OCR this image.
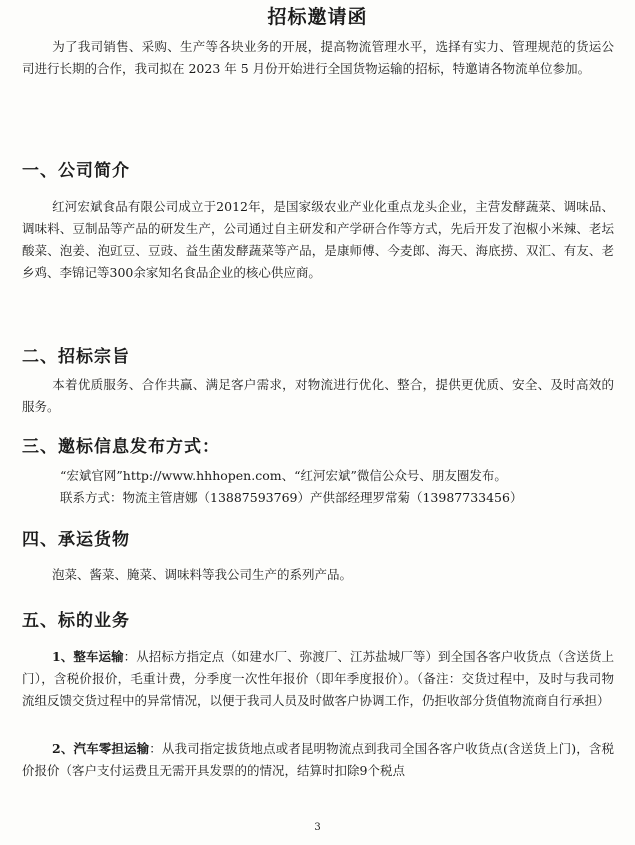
招标邀请函
为了我司销售、采购、生产等各块业务的开展，提高物流管理水平，选择有实力、管理规范的货运公司进行长期的合作，我司拟在 2023 年 5 月份开始进行全国货物运输的招标，特邀请各物流单位参加。
一、公司简介
红河宏斌食品有限公司成立于2012年，是国家级农业产业化重点龙头企业，主营发酵蔬菜、调味品、调味料、豆制品等产品的研发生产，公司通过自主研发和产学研合作等方式，先后开发了泡椒小米辣、老坛酸菜、泡姜、泡豇豆、豆豉、益生菌发酵蔬菜等产品，是康师傅、今麦郎、海天、海底捞、双汇、有友、老乡鸡、李锦记等300余家知名食品企业的核心供应商。
二、招标宗旨
本着优质服务、合作共赢、满足客户需求，对物流进行优化、整合，提供更优质、安全、及时高效的服务。
三、邀标信息发布方式：
“宏斌官网”http://www.hhhopen.com、“红河宏斌”微信公众号、朋友圈发布。
联系方式：物流主管唐娜（13887593769）产供部经理罗常菊（13987733456）
四、承运货物
泡菜、酱菜、腌菜、调味料等我公司生产的系列产品。
五、标的业务
1、整车运输：从招标方指定点（如建水厂、弥渡厂、江苏盐城厂等）到全国各客户收货点（含送货上门），含税价报价，毛重计费，分季度一次性年报价（即年季度报价）。（备注：交货过程中，及时与我司物流组反馈交货过程中的异常情况，以便于我司人员及时做客户协调工作，仍拒收部分货值物流商自行承担）
2、汽车零担运输：从我司指定拔货地点或者昆明物流点到我司全国各客户收货点(含送货上门)，含税价报价（客户支付运费且无需开具发票的的情况，结算时扣除9个税点
3
